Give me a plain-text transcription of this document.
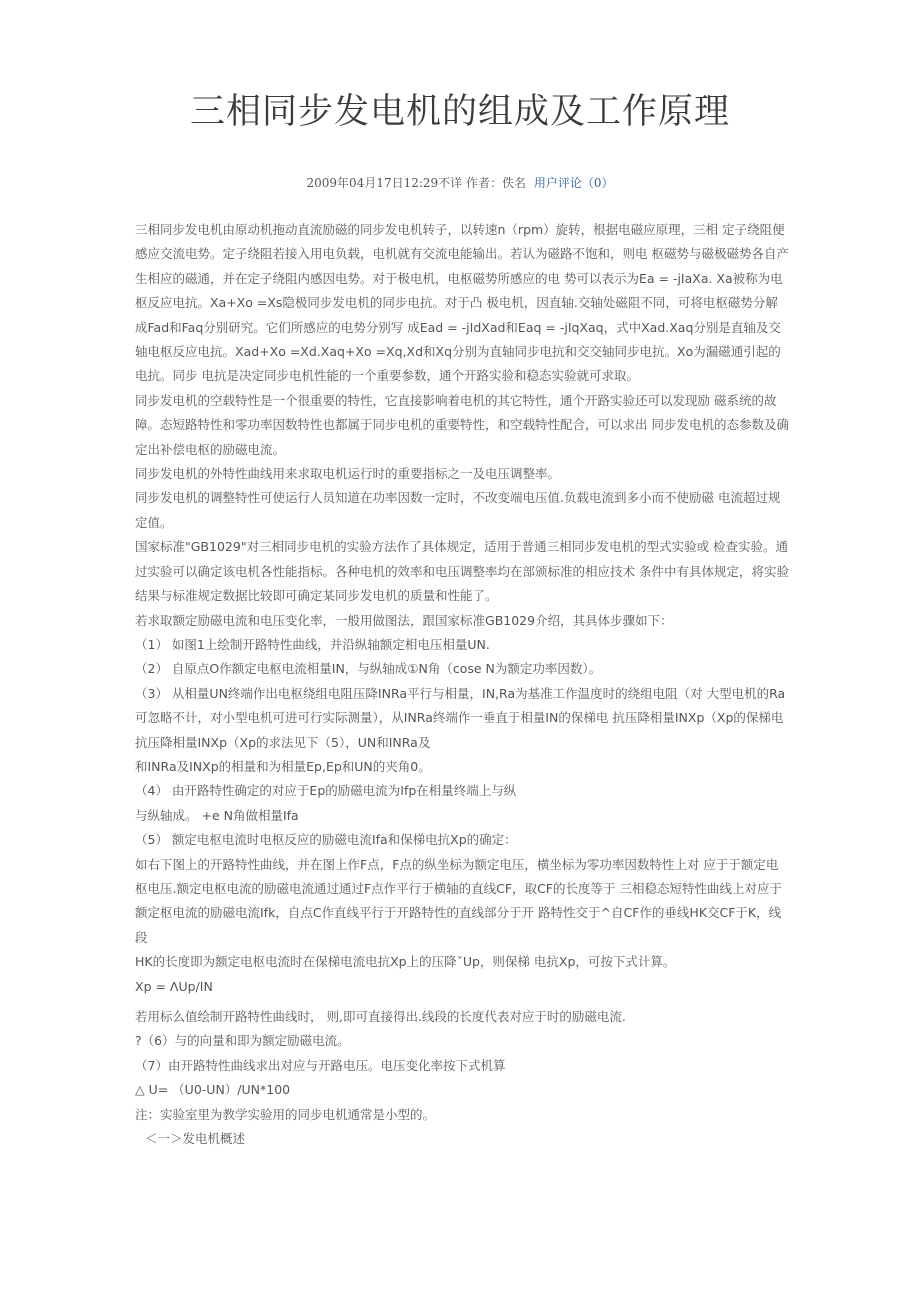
三相同步发电机的组成及工作原理
2009年04月17日12:29不详 作者：佚名 用户评论（0）

三相同步发电机由原动机拖动直流励磁的同步发电机转子，以转速n（rpm）旋转，根据电磁应原理，三相 定子绕阻便感应交流电势。定子绕阻若接入用电负载，电机就有交流电能输出。若认为磁路不饱和，则电 枢磁势与磁极磁势各自产生相应的磁通，并在定子绕阻内感因电势。对于极电机，电枢磁势所感应的电 势可以表示为Ea = -jIaXa. Xa被称为电枢反应电抗。Xa+Xo =Xs隐极同步发电机的同步电抗。对于凸 极电机，因直轴.交轴处磁阻不同，可将电枢磁势分解成Fad和Faq分别研究。它们所感应的电势分别写 成Ead = -jIdXad和Eaq = -jIqXaq，式中Xad.Xaq分别是直轴及交轴电枢反应电抗。Xad+Xo =Xd.Xaq+Xo =Xq,Xd和Xq分别为直轴同步电抗和交交轴同步电抗。Xo为漏磁通引起的电抗。同步 电抗是决定同步电机性能的一个重要参数，通个开路实验和稳态实验就可求取。

同步发电机的空载特性是一个很重要的特性，它直接影响着电机的其它特性，通个开路实验还可以发现励 磁系统的故障。态短路特性和零功率因数特性也都属于同步电机的重要特性，和空载特性配合，可以求出 同步发电机的态参数及确定出补偿电枢的励磁电流。

同步发电机的外特性曲线用来求取电机运行时的重要指标之一及电压调整率。

同步发电机的调整特性可使运行人员知道在功率因数一定时，不改变端电压值.负载电流到多小而不使励磁 电流超过规定值。

国家标准"GB1029"对三相同步电机的实验方法作了具体规定，适用于普通三相同步发电机的型式实验或 检查实验。通过实验可以确定该电机各性能指标。各种电机的效率和电压调整率均在部颁标准的相应技术 条件中有具体规定，将实验结果与标准规定数据比较即可确定某同步发电机的质量和性能了。

若求取额定励磁电流和电压变化率，一般用做图法，跟国家标准GB1029介绍，其具体步骤如下：

（1） 如图1上绘制开路特性曲线，并沿纵轴额定相电压相量UN.

（2） 自原点O作额定电枢电流相量IN，与纵轴成①N角（cose N为额定功率因数）。

（3） 从相量UN终端作出电枢绕组电阻压降INRa平行与相量，IN,Ra为基准工作温度时的绕组电阻（对 大型电机的Ra可忽略不计，对小型电机可进可行实际测量），从INRa终端作一垂直于相量IN的保梯电 抗压降相量INXp（Xp的保梯电抗压降相量INXp（Xp的求法见下（5），UN和INRa及

和INRa及INXp的相量和为相量Ep,Ep和UN的夹角0。

（4） 由开路特性确定的对应于Ep的励磁电流为Ifp在相量终端上与纵

与纵轴成。 +e N角做相量Ifa

（5） 额定电枢电流时电枢反应的励磁电流Ifa和保梯电抗Xp的确定：

如右下图上的开路特性曲线，并在图上作F点，F点的纵坐标为额定电压，横坐标为零功率因数特性上对 应于于额定电枢电压.额定电枢电流的励磁电流通过通过F点作平行于横轴的直线CF，取CF的长度等于 三相稳态短特性曲线上对应于额定枢电流的励磁电流Ifk，自点C作直线平行于开路特性的直线部分于开 路特性交于^自CF作的垂线HK交CF于K，线段

HK的长度即为额定电枢电流时在保梯电流电抗Xp上的压降ˇUp，则保梯 电抗Xp，可按下式计算。

Xp = ΛUp/IN

若用标么值绘制开路特性曲线时， 则,即可直接得出.线段的长度代表对应于时的励磁电流.

?（6）与的向量和即为额定励磁电流。

（7）由开路特性曲线求出对应与开路电压。电压变化率按下式机算

△ U= （U0-UN）/UN*100

注：实验室里为教学实验用的同步电机通常是小型的。

＜一＞发电机概述
